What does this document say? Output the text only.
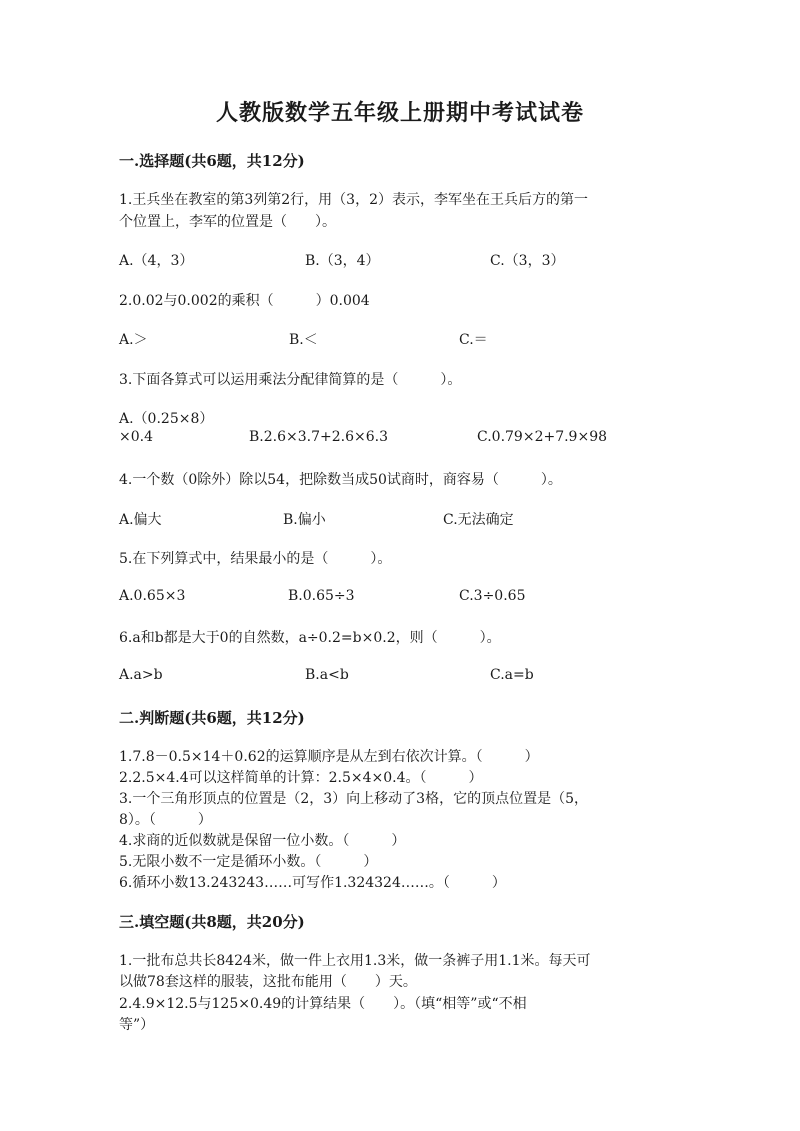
人教版数学五年级上册期中考试试卷
一.选择题(共6题，共12分)
1.王兵坐在教室的第3列第2行，用（3，2）表示，李军坐在王兵后方的第一
个位置上，李军的位置是（　　）。
A.（4，3）	B.（3，4）	C.（3，3）
2.0.02与0.002的乘积（　　　）0.004
A.＞	B.＜	C.＝
3.下面各算式可以运用乘法分配律简算的是（　　　）。
A.（0.25×8）
×0.4	B.2.6×3.7+2.6×6.3	C.0.79×2+7.9×98
4.一个数（0除外）除以54，把除数当成50试商时，商容易（　　　）。
A.偏大	B.偏小	C.无法确定
5.在下列算式中，结果最小的是（　　　）。
A.0.65×3	B.0.65÷3	C.3÷0.65
6.a和b都是大于0的自然数，a÷0.2=b×0.2，则（　　　）。
A.a>b	B.a<b	C.a=b
二.判断题(共6题，共12分)
1.7.8－0.5×14＋0.62的运算顺序是从左到右依次计算。（　　　）
2.2.5×4.4可以这样简单的计算：2.5×4×0.4。（　　　）
3.一个三角形顶点的位置是（2，3）向上移动了3格，它的顶点位置是（5，
8）。（　　　）
4.求商的近似数就是保留一位小数。（　　　）
5.无限小数不一定是循环小数。（　　　）
6.循环小数13.243243……可写作1.324324……。（　　　）
三.填空题(共8题，共20分)
1.一批布总共长8424米，做一件上衣用1.3米，做一条裤子用1.1米。每天可
以做78套这样的服装，这批布能用（　　）天。
2.4.9×12.5与125×0.49的计算结果（　　）。（填“相等”或“不相
等”）
